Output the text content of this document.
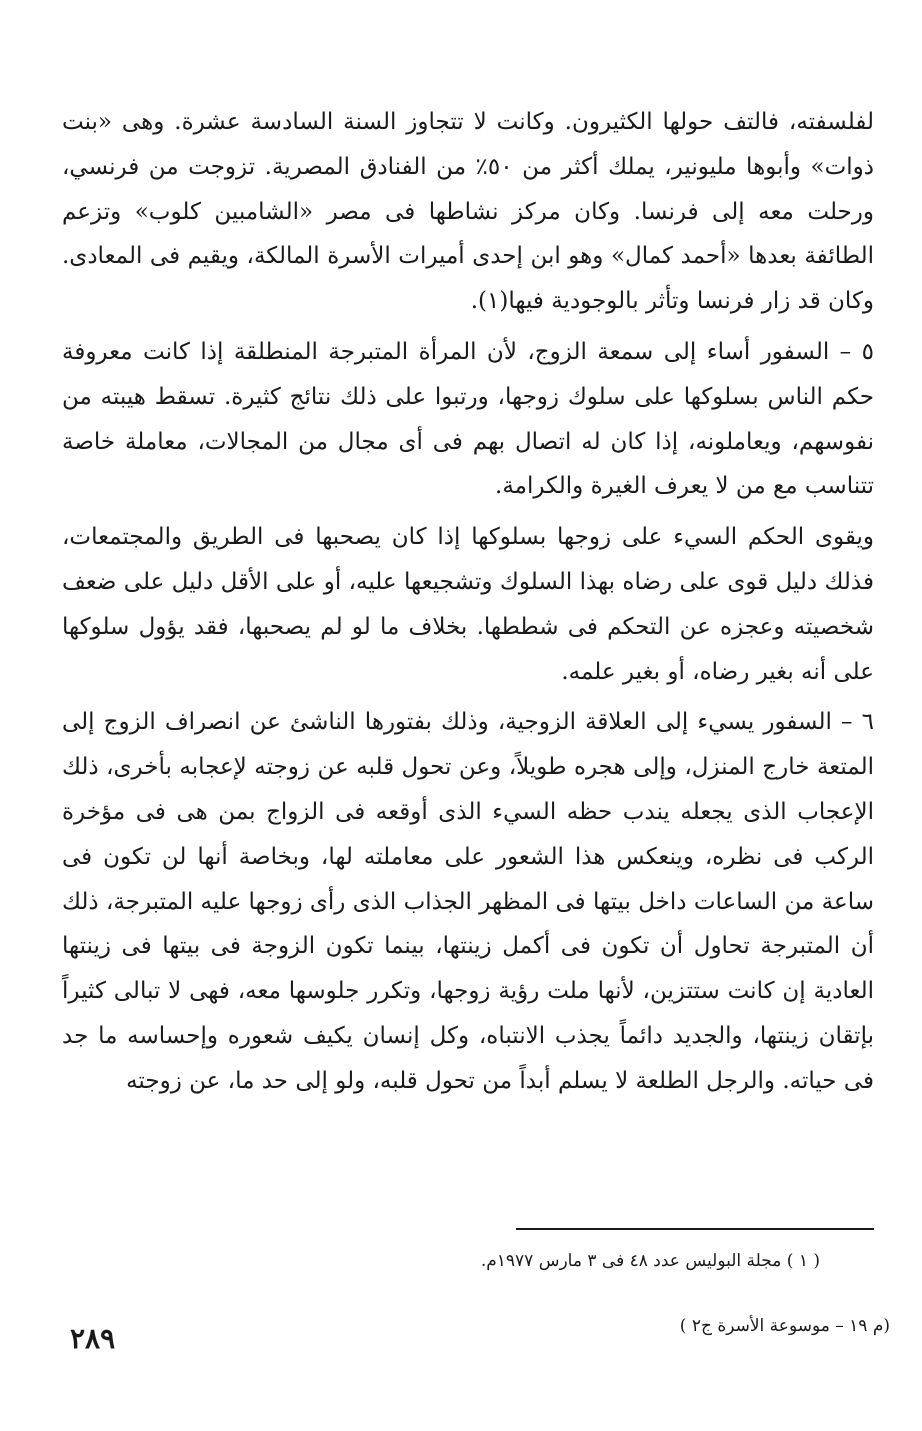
لفلسفته، فالتف حولها الكثيرون. وكانت لا تتجاوز السنة السادسة عشرة. وهى «بنت ذوات» وأبوها مليونير، يملك أكثر من ٥٠٪ من الفنادق المصرية. تزوجت من فرنسي، ورحلت معه إلى فرنسا. وكان مركز نشاطها فى مصر «الشامبين كلوب» وتزعم الطائفة بعدها «أحمد كمال» وهو ابن إحدى أميرات الأسرة المالكة، ويقيم فى المعادى. وكان قد زار فرنسا وتأثر بالوجودية فيها(١).

٥ – السفور أساء إلى سمعة الزوج، لأن المرأة المتبرجة المنطلقة إذا كانت معروفة حكم الناس بسلوكها على سلوك زوجها، ورتبوا على ذلك نتائج كثيرة. تسقط هيبته من نفوسهم، ويعاملونه، إذا كان له اتصال بهم فى أى مجال من المجالات، معاملة خاصة تتناسب مع من لا يعرف الغيرة والكرامة.

ويقوى الحكم السيء على زوجها بسلوكها إذا كان يصحبها فى الطريق والمجتمعات، فذلك دليل قوى على رضاه بهذا السلوك وتشجيعها عليه، أو على الأقل دليل على ضعف شخصيته وعجزه عن التحكم فى شططها. بخلاف ما لو لم يصحبها، فقد يؤول سلوكها على أنه بغير رضاه، أو بغير علمه.

٦ – السفور يسيء إلى العلاقة الزوجية، وذلك بفتورها الناشئ عن انصراف الزوج إلى المتعة خارج المنزل، وإلى هجره طويلاً، وعن تحول قلبه عن زوجته لإعجابه بأخرى، ذلك الإعجاب الذى يجعله يندب حظه السيء الذى أوقعه فى الزواج بمن هى فى مؤخرة الركب فى نظره، وينعكس هذا الشعور على معاملته لها، وبخاصة أنها لن تكون فى ساعة من الساعات داخل بيتها فى المظهر الجذاب الذى رأى زوجها عليه المتبرجة، ذلك أن المتبرجة تحاول أن تكون فى أكمل زينتها، بينما تكون الزوجة فى بيتها فى زينتها العادية إن كانت ستتزين، لأنها ملت رؤية زوجها، وتكرر جلوسها معه، فهى لا تبالى كثيراً بإتقان زينتها، والجديد دائماً يجذب الانتباه، وكل إنسان يكيف شعوره وإحساسه ما جد فى حياته. والرجل الطلعة لا يسلم أبداً من تحول قلبه، ولو إلى حد ما، عن زوجته

( ١ ) مجلة البوليس عدد ٤٨ فى ٣ مارس ١٩٧٧م.
(م ١٩ – موسوعة الأسرة ج٢ )
٢٨٩
